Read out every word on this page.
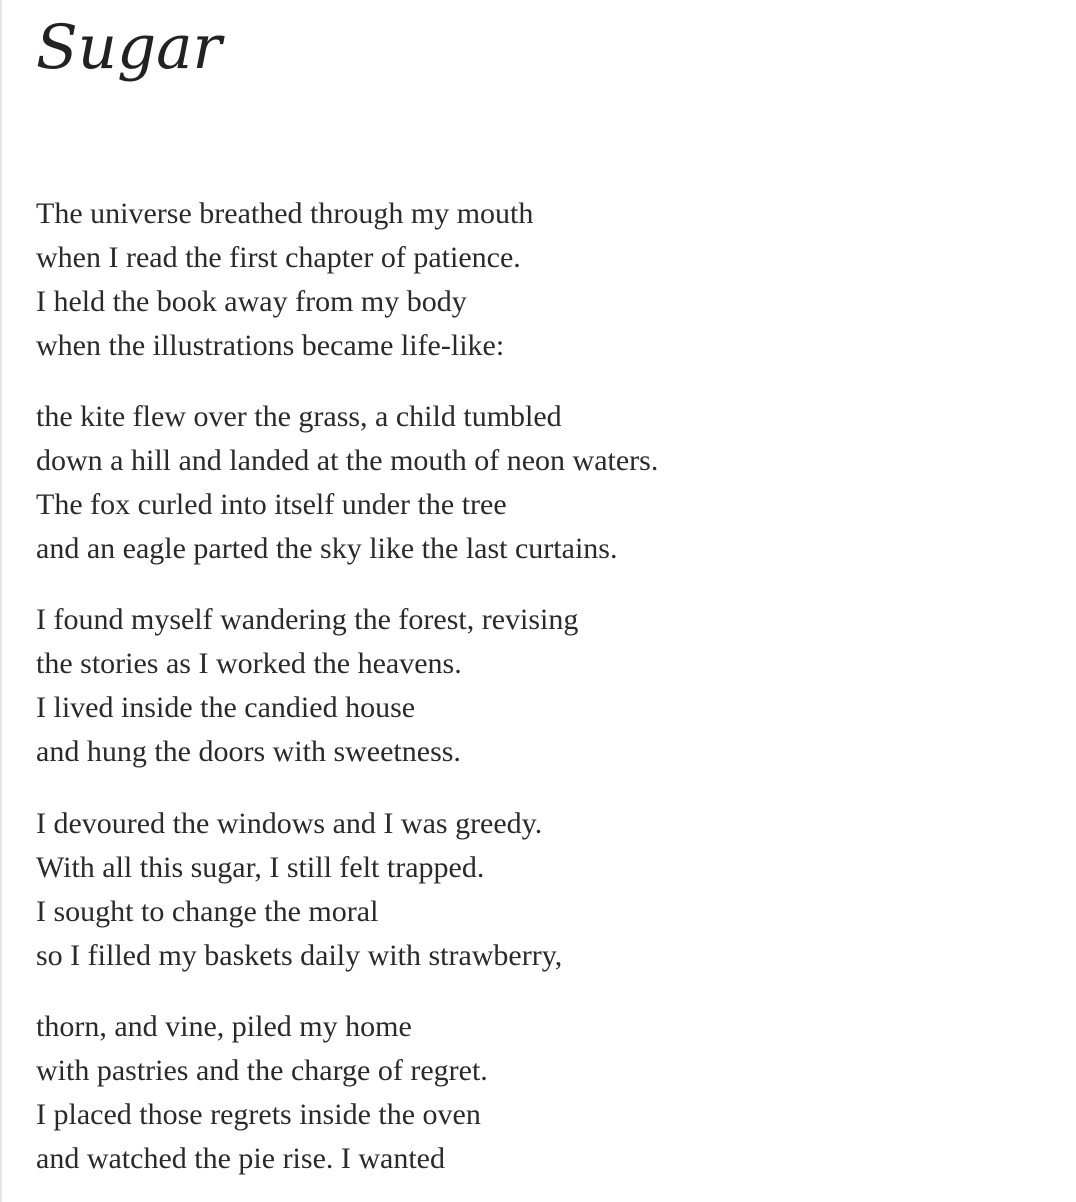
Sugar

The universe breathed through my mouth
when I read the first chapter of patience.
I held the book away from my body
when the illustrations became life-like:

the kite flew over the grass, a child tumbled
down a hill and landed at the mouth of neon waters.
The fox curled into itself under the tree
and an eagle parted the sky like the last curtains.

I found myself wandering the forest, revising
the stories as I worked the heavens.
I lived inside the candied house
and hung the doors with sweetness.

I devoured the windows and I was greedy.
With all this sugar, I still felt trapped.
I sought to change the moral
so I filled my baskets daily with strawberry,

thorn, and vine, piled my home
with pastries and the charge of regret.
I placed those regrets inside the oven
and watched the pie rise. I wanted
